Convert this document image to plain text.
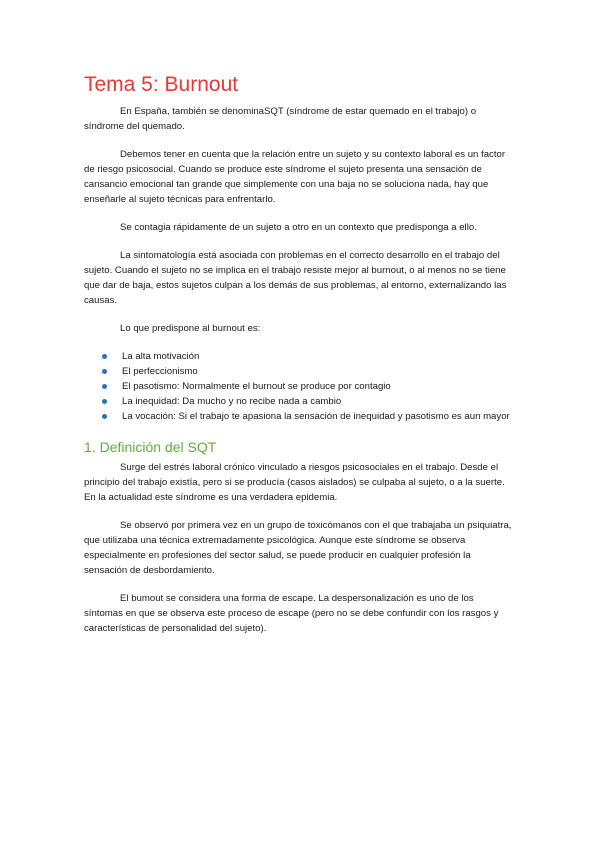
Tema 5: Burnout

En España, también se denominaSQT (síndrome de estar quemado en el trabajo) o síndrome del quemado.

Debemos tener en cuenta que la relación entre un sujeto y su contexto laboral es un factor de riesgo psicosocial. Cuando se produce este síndrome el sujeto presenta una sensación de cansancio emocional tan grande que simplemente con una baja no se soluciona nada, hay que enseñarle al sujeto técnicas para enfrentarlo.

Se contagia rápidamente de un sujeto a otro en un contexto que predisponga a ello.

La sintomatología está asociada con problemas en el correcto desarrollo en el trabajo del sujeto. Cuando el sujeto no se implica en el trabajo resiste mejor al burnout, o al menos no se tiene que dar de baja, estos sujetos culpan a los demás de sus problemas, al entorno, externalizando las causas.

Lo que predispone al burnout es:

La alta motivación
El perfeccionismo
El pasotismo: Normalmente el burnout se produce por contagio
La inequidad: Da mucho y no recibe nada a cambio
La vocación: Si el trabajo te apasiona la sensación de inequidad y pasotismo es aun mayor
1. Definición del SQT

Surge del estrés laboral crónico vinculado a riesgos psicosociales en el trabajo. Desde el principio del trabajo existía, pero si se producía (casos aislados) se culpaba al sujeto, o a la suerte. En la actualidad este síndrome es una verdadera epidemia.

Se observó por primera vez en un grupo de toxicómanos con el que trabajaba un psiquiatra, que utilizaba una técnica extremadamente psicológica. Aunque este síndrome se observa especialmente en profesiones del sector salud, se puede producir en cualquier profesión la sensación de desbordamiento.

El bumout se considera una forma de escape. La despersonalización es uno de los síntomas en que se observa este proceso de escape (pero no se debe confundir con los rasgos y características de personalidad del sujeto).
